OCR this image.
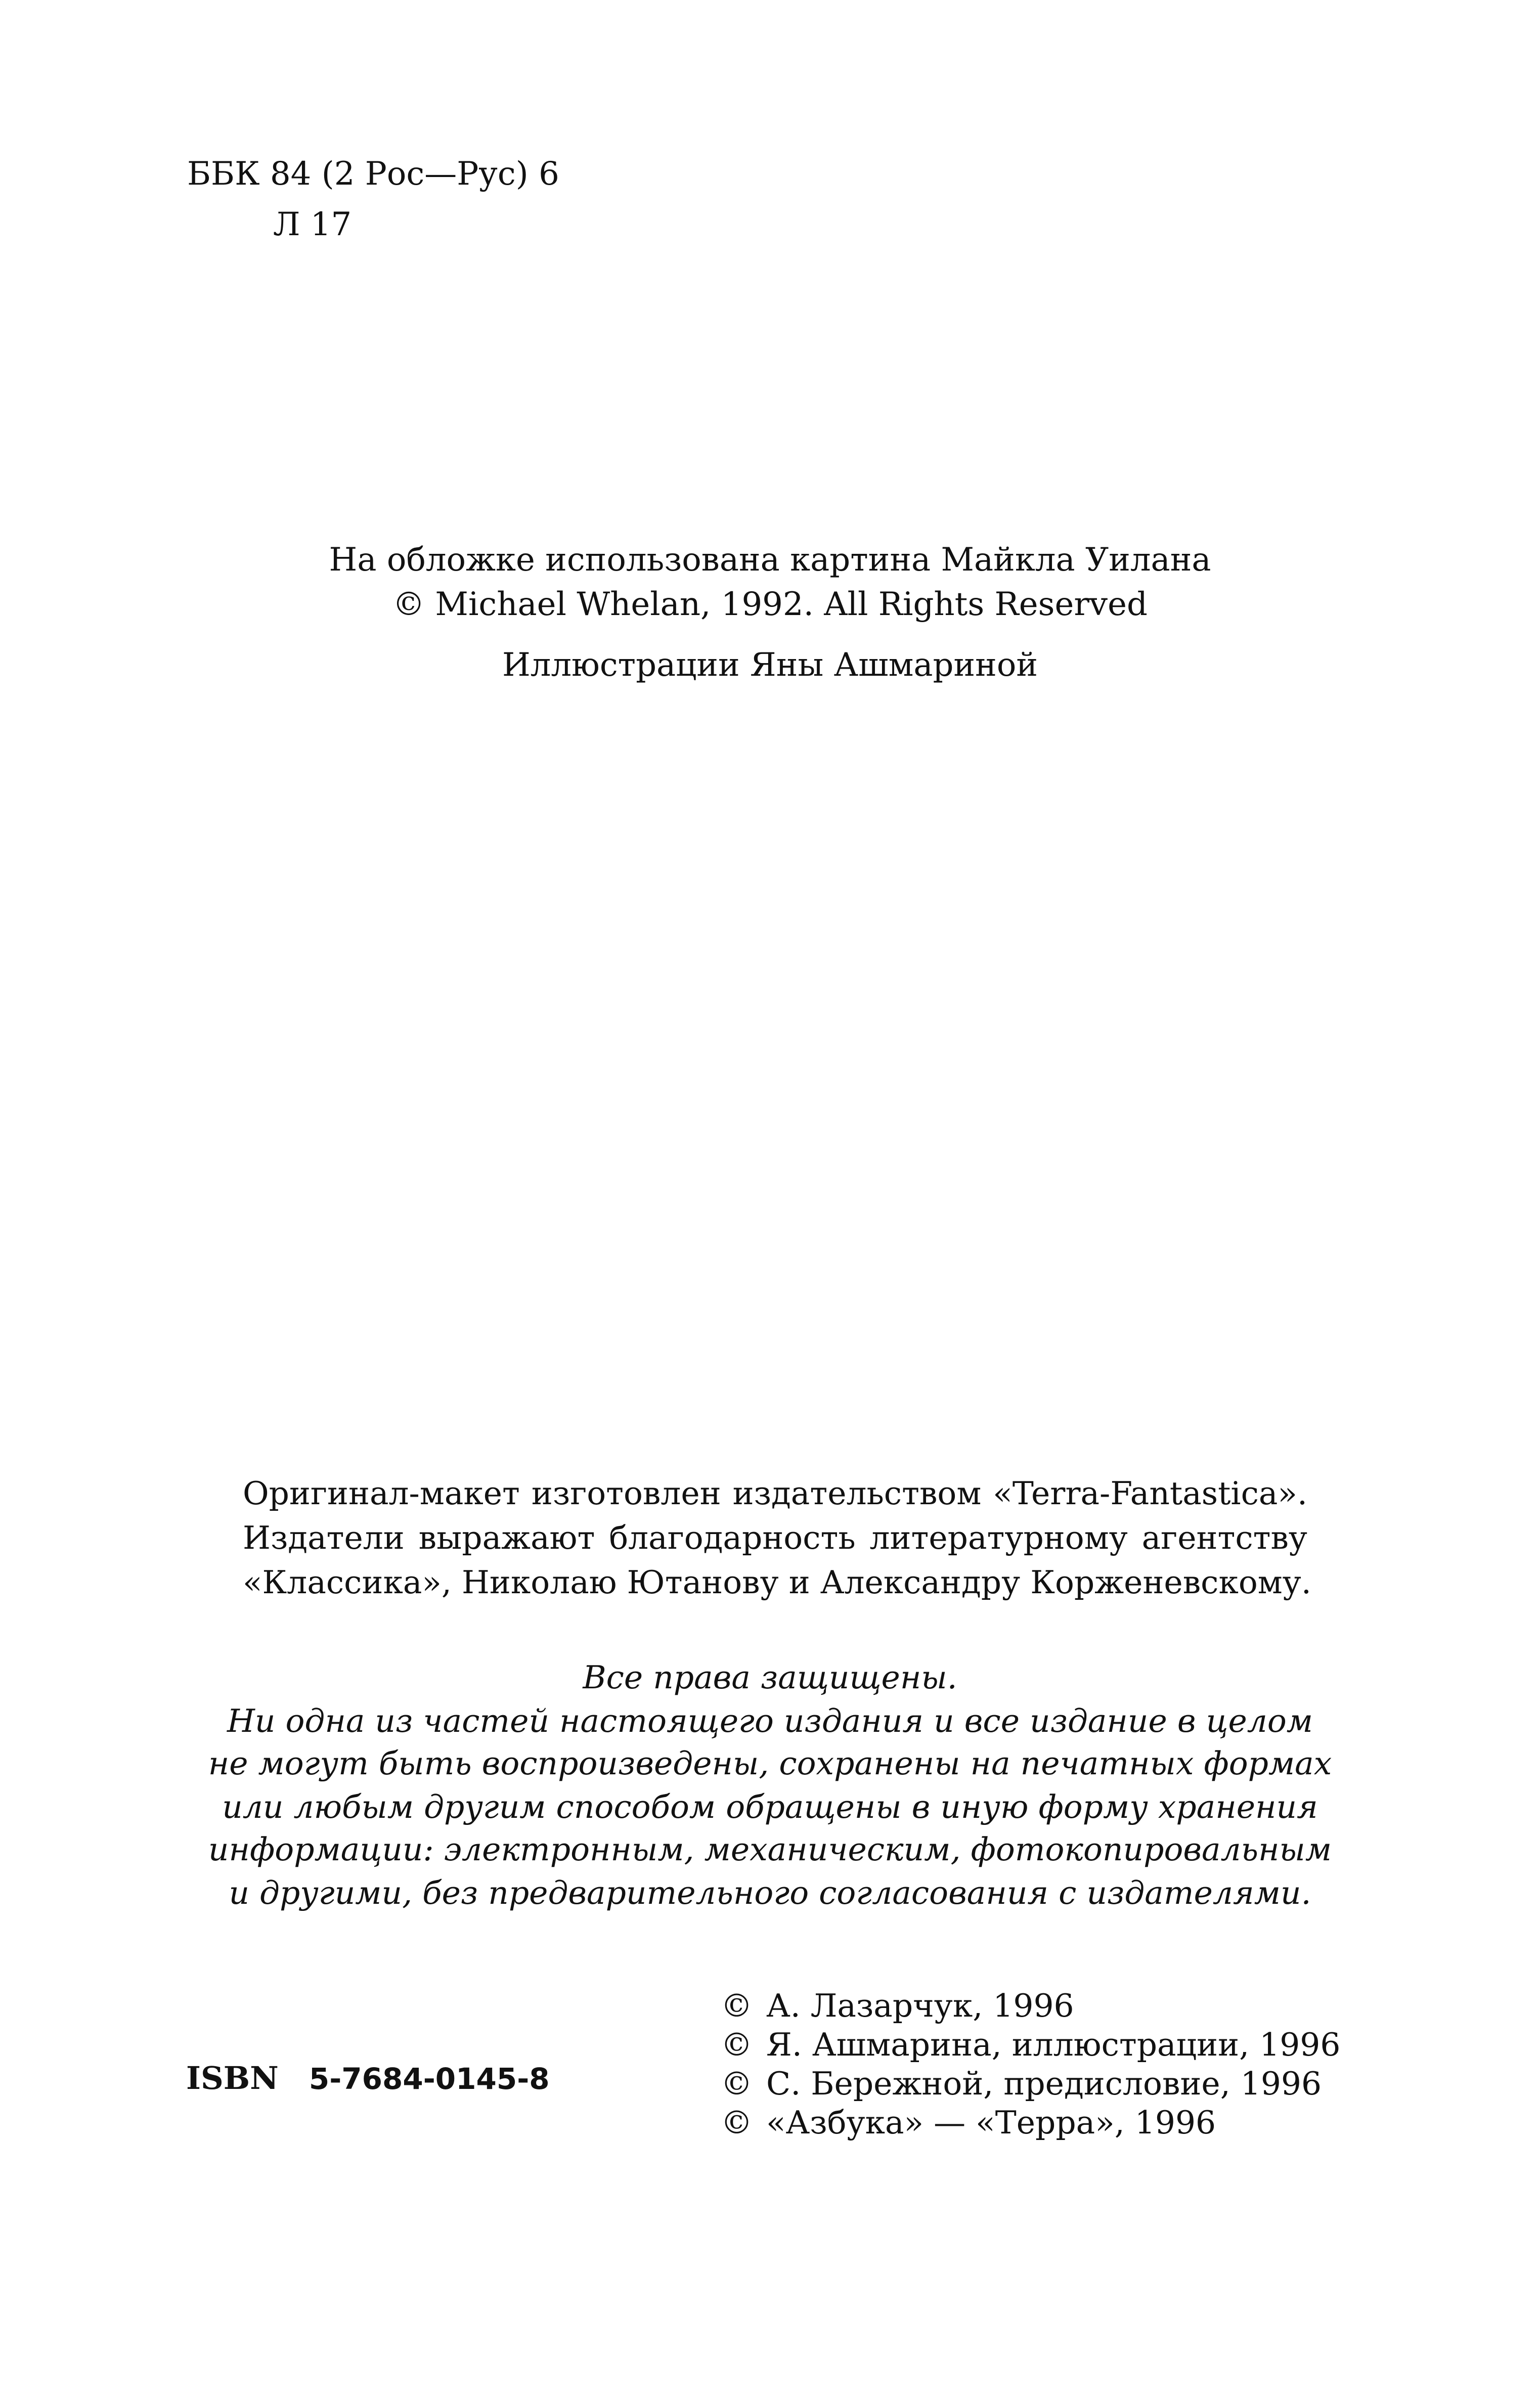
ББК 84 (2 Рос—Рус) 6
Л 17
На обложке использована картина Майкла Уилана
© Michael Whelan, 1992. All Rights Reserved
Иллюстрации Яны Ашмариной
Оригинал-макет изготовлен издательством «Terra-Fantastica».
Издатели выражают благодарность литературному агентству
«Классика», Николаю Ютанову и Александру Корженевскому.
Все права защищены.
Ни одна из частей настоящего издания и все издание в целом
не могут быть воспроизведены, сохранены на печатных формах
или любым другим способом обращены в иную форму хранения
информации: электронным, механическим, фотокопировальным
и другими, без предварительного согласования с издателями.
ISBN 5-7684-0145-8
© А. Лазарчук, 1996
© Я. Ашмарина, иллюстрации, 1996
© С. Бережной, предисловие, 1996
© «Азбука» — «Терра», 1996
